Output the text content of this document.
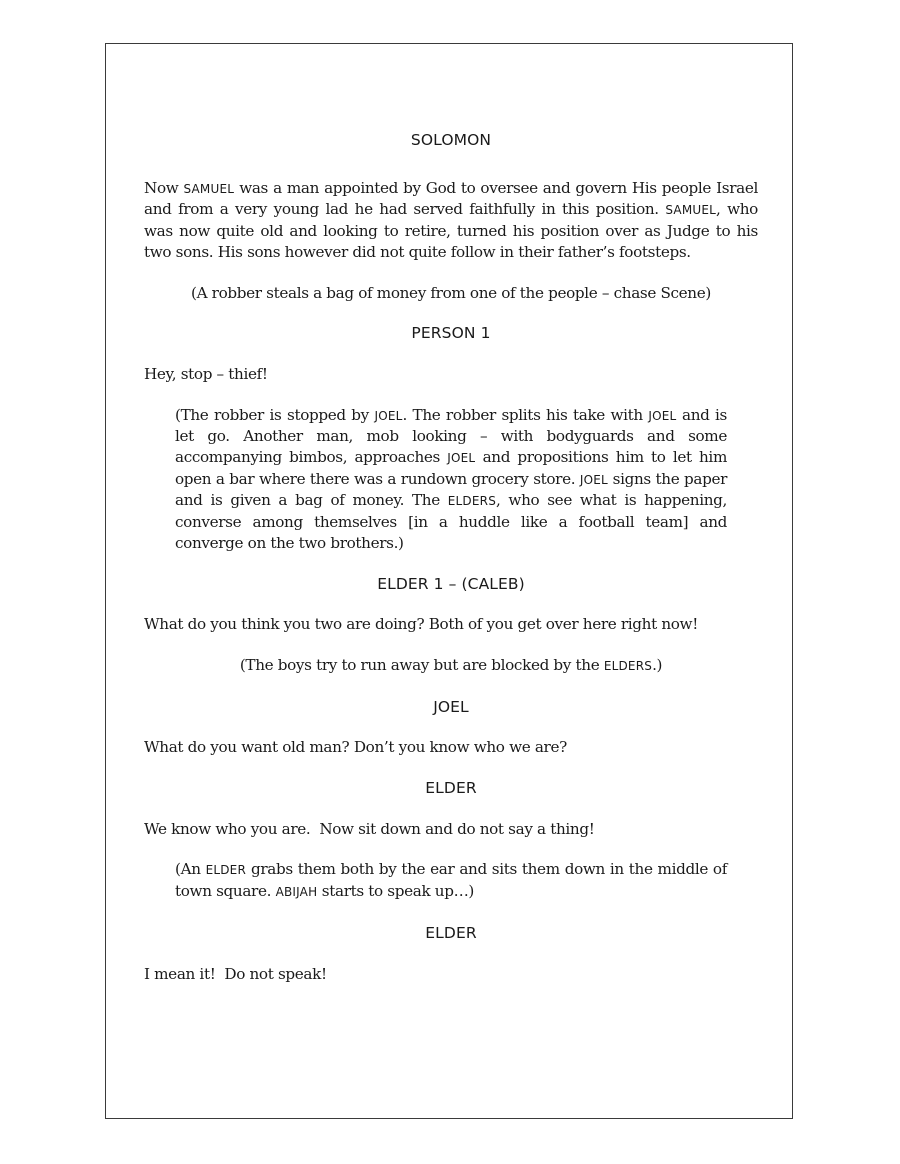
SOLOMON

Now SAMUEL was a man appointed by God to oversee and govern His people Israel and from a very young lad he had served faithfully in this position. SAMUEL, who was now quite old and looking to retire, turned his position over as Judge to his two sons. His sons however did not quite follow in their father’s footsteps.

(A robber steals a bag of money from one of the people – chase Scene)

PERSON 1

Hey, stop – thief!

(The robber is stopped by JOEL. The robber splits his take with JOEL and is let go. Another man, mob looking – with bodyguards and some accompanying bimbos, approaches JOEL and propositions him to let him open a bar where there was a rundown grocery store. JOEL signs the paper and is given a bag of money. The ELDERS, who see what is happening, converse among themselves [in a huddle like a football team] and converge on the two brothers.)

ELDER 1 – (CALEB)

What do you think you two are doing? Both of you get over here right now!

(The boys try to run away but are blocked by the ELDERS.)

JOEL

What do you want old man? Don’t you know who we are?

ELDER

We know who you are.  Now sit down and do not say a thing!

(An ELDER grabs them both by the ear and sits them down in the middle of town square. ABIJAH starts to speak up…)

ELDER

I mean it!  Do not speak!
